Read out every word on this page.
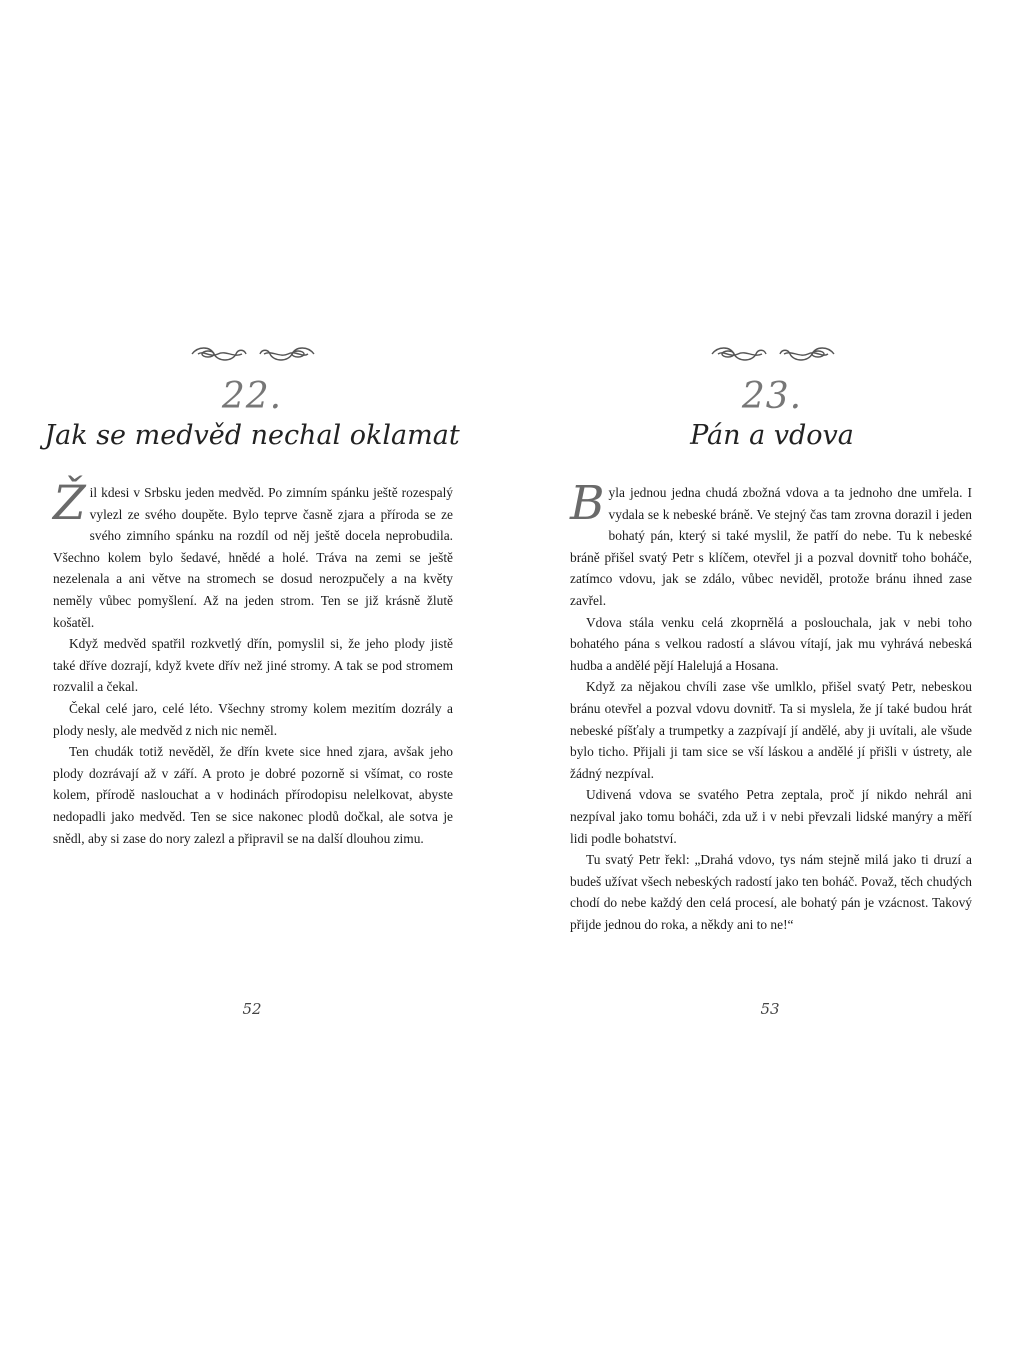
22.
Jak se medvěd nechal oklamat

Žil kdesi v Srbsku jeden medvěd. Po zimním spánku ještě rozespalý vylezl ze svého doupěte. Bylo teprve časně zjara a příroda se ze svého zimního spánku na rozdíl od něj ještě docela neprobudila. Všechno kolem bylo šedavé, hnědé a holé. Tráva na zemi se ještě nezelenala a ani větve na stromech se dosud nerozpučely a na květy neměly vůbec pomyšlení. Až na jeden strom. Ten se již krásně žlutě košatěl.

Když medvěd spatřil rozkvetlý dřín, pomyslil si, že jeho plody jistě také dříve dozrají, když kvete dřív než jiné stromy. A tak se pod stromem rozvalil a čekal.

Čekal celé jaro, celé léto. Všechny stromy kolem mezitím dozrály a plody nesly, ale medvěd z nich nic neměl.

Ten chudák totiž nevěděl, že dřín kvete sice hned zjara, avšak jeho plody dozrávají až v září. A proto je dobré pozorně si všímat, co roste kolem, přírodě naslouchat a v hodinách přírodopisu nelelkovat, abyste nedopadli jako medvěd. Ten se sice nakonec plodů dočkal, ale sotva je snědl, aby si zase do nory zalezl a připravil se na další dlouhou zimu.

52
23.
Pán a vdova

Byla jednou jedna chudá zbožná vdova a ta jednoho dne umřela. I vydala se k nebeské bráně. Ve stejný čas tam zrovna dorazil i jeden bohatý pán, který si také myslil, že patří do nebe. Tu k nebeské bráně přišel svatý Petr s klíčem, otevřel ji a pozval dovnitř toho boháče, zatímco vdovu, jak se zdálo, vůbec neviděl, protože bránu ihned zase zavřel.

Vdova stála venku celá zkoprnělá a poslouchala, jak v nebi toho bohatého pána s velkou radostí a slávou vítají, jak mu vyhrává nebeská hudba a andělé pějí Halelujá a Hosana.

Když za nějakou chvíli zase vše umlklo, přišel svatý Petr, nebeskou bránu otevřel a pozval vdovu dovnitř. Ta si myslela, že jí také budou hrát nebeské píšťaly a trumpetky a zazpívají jí andělé, aby ji uvítali, ale všude bylo ticho. Přijali ji tam sice se vší láskou a andělé jí přišli v ústrety, ale žádný nezpíval.

Udivená vdova se svatého Petra zeptala, proč jí nikdo nehrál ani nezpíval jako tomu boháči, zda už i v nebi převzali lidské manýry a měří lidi podle bohatství.

Tu svatý Petr řekl: „Drahá vdovo, tys nám stejně milá jako ti druzí a budeš užívat všech nebeských radostí jako ten boháč. Považ, těch chudých chodí do nebe každý den celá procesí, ale bohatý pán je vzácnost. Takový přijde jednou do roka, a někdy ani to ne!“

53
